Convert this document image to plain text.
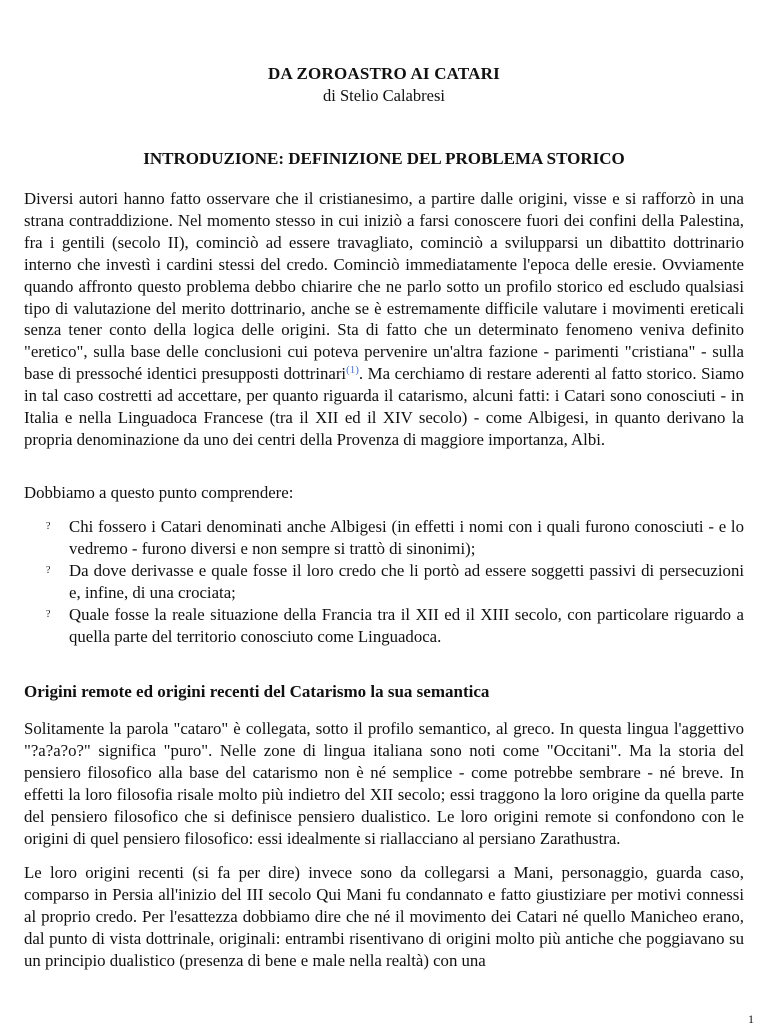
DA ZOROASTRO AI CATARI
di Stelio Calabresi
INTRODUZIONE: DEFINIZIONE DEL PROBLEMA STORICO

Diversi autori hanno fatto osservare che il cristianesimo, a partire dalle origini, visse e si rafforzò in una strana contraddizione. Nel momento stesso in cui iniziò a farsi conoscere fuori dei confini della Palestina, fra i gentili (secolo II), cominciò ad essere travagliato, cominciò a svilupparsi un dibattito dottrinario interno che investì i cardini stessi del credo. Cominciò immediatamente l'epoca delle eresie. Ovviamente quando affronto questo problema debbo chiarire che ne parlo sotto un profilo storico ed escludo qualsiasi tipo di valutazione del merito dottrinario, anche se è estremamente difficile valutare i movimenti ereticali senza tener conto della logica delle origini. Sta di fatto che un determinato fenomeno veniva definito "eretico", sulla base delle conclusioni cui poteva pervenire un'altra fazione - parimenti "cristiana" - sulla base di pressoché identici presupposti dottrinari$^{(1)}$. Ma cerchiamo di restare aderenti al fatto storico. Siamo in tal caso costretti ad accettare, per quanto riguarda il catarismo, alcuni fatti: i Catari sono conosciuti - in Italia e nella Linguadoca Francese (tra il XII ed il XIV secolo) - come Albigesi, in quanto derivano la propria denominazione da uno dei centri della Provenza di maggiore importanza, Albi.

Dobbiamo a questo punto comprendere:

? Chi fossero i Catari denominati anche Albigesi (in effetti i nomi con i quali furono conosciuti - e lo vedremo - furono diversi e non sempre si trattò di sinonimi);
? Da dove derivasse e quale fosse il loro credo che li portò ad essere soggetti passivi di persecuzioni e, infine, di una crociata;
? Quale fosse la reale situazione della Francia tra il XII ed il XIII secolo, con particolare riguardo a quella parte del territorio conosciuto come Linguadoca.
Origini remote ed origini recenti del Catarismo la sua semantica

Solitamente la parola "cataro" è collegata, sotto il profilo semantico, al greco. In questa lingua l'aggettivo "?a?a?o?" significa "puro". Nelle zone di lingua italiana sono noti come "Occitani". Ma la storia del pensiero filosofico alla base del catarismo non è né semplice - come potrebbe sembrare - né breve. In effetti la loro filosofia risale molto più indietro del XII secolo; essi traggono la loro origine da quella parte del pensiero filosofico che si definisce pensiero dualistico. Le loro origini remote si confondono con le origini di quel pensiero filosofico: essi idealmente si riallacciano al persiano Zarathustra.

Le loro origini recenti (si fa per dire) invece sono da collegarsi a Mani, personaggio, guarda caso, comparso in Persia all'inizio del III secolo Qui Mani fu condannato e fatto giustiziare per motivi connessi al proprio credo. Per l'esattezza dobbiamo dire che né il movimento dei Catari né quello Manicheo erano, dal punto di vista dottrinale, originali: entrambi risentivano di origini molto più antiche che poggiavano su un principio dualistico (presenza di bene e male nella realtà) con una

1
